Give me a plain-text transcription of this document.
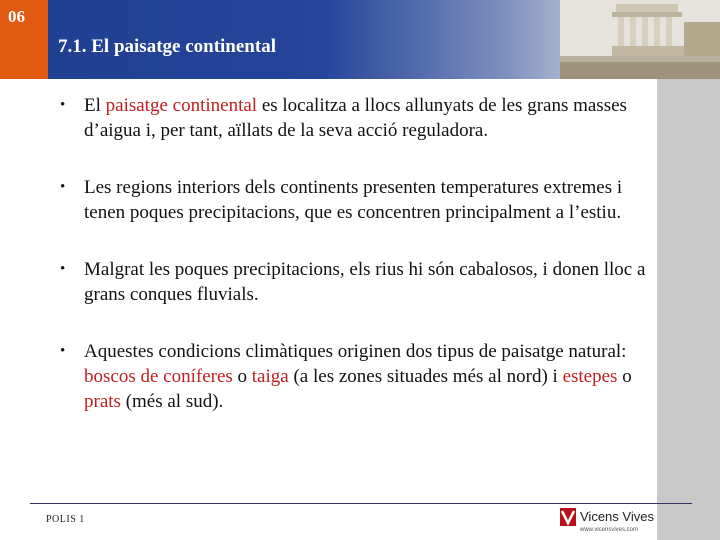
06
7.1. El paisatge continental
• El paisatge continental es localitza a llocs allunyats de les grans masses d’aigua i, per tant, aïllats de la seva acció reguladora.
• Les regions interiors dels continents presenten temperatures extremes i tenen poques precipitacions, que es concentren principalment a l’estiu.
• Malgrat les poques precipitacions, els rius hi són cabalosos, i donen lloc a grans conques fluvials.
• Aquestes condicions climàtiques originen dos tipus de paisatge natural: boscos de coníferes o taiga (a les zones situades més al nord) i estepes o prats (més al sud).
POLIS 1	Vicens Vives
www.vicensvives.com
